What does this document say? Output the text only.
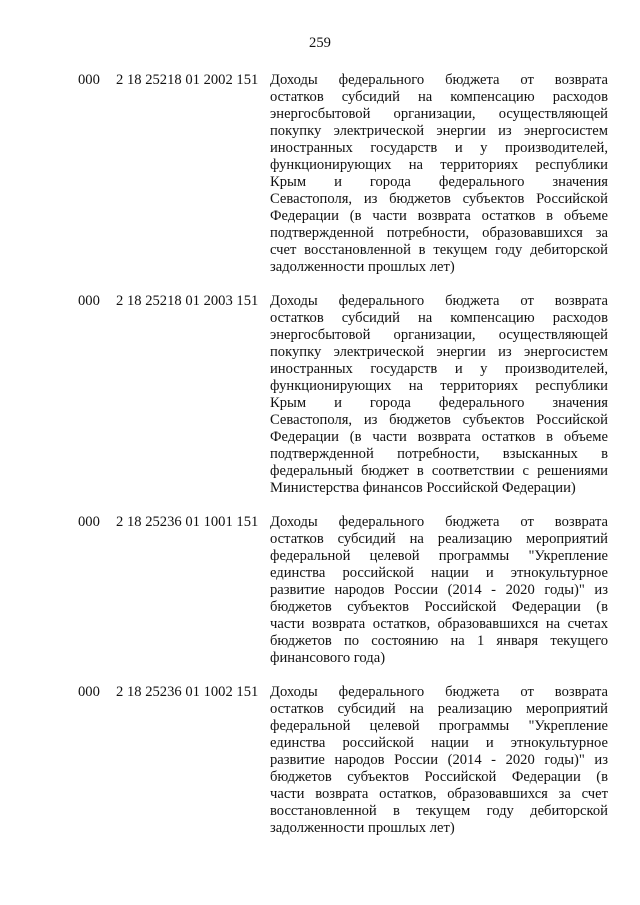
259
000 2 18 25218 01 2002 151 Доходы федерального бюджета от возврата
остатков субсидий на компенсацию расходов
энергосбытовой организации, осуществляющей
покупку электрической энергии из энергосистем
иностранных государств и у производителей,
функционирующих на территориях республики
Крым и города федерального значения
Севастополя, из бюджетов субъектов Российской
Федерации (в части возврата остатков в объеме
подтвержденной потребности, образовавшихся за
счет восстановленной в текущем году дебиторской
задолженности прошлых лет)
000 2 18 25218 01 2003 151 Доходы федерального бюджета от возврата
остатков субсидий на компенсацию расходов
энергосбытовой организации, осуществляющей
покупку электрической энергии из энергосистем
иностранных государств и у производителей,
функционирующих на территориях республики
Крым и города федерального значения
Севастополя, из бюджетов субъектов Российской
Федерации (в части возврата остатков в объеме
подтвержденной потребности, взысканных в
федеральный бюджет в соответствии с решениями
Министерства финансов Российской Федерации)
000 2 18 25236 01 1001 151 Доходы федерального бюджета от возврата
остатков субсидий на реализацию мероприятий
федеральной целевой программы "Укрепление
единства российской нации и этнокультурное
развитие народов России (2014 - 2020 годы)" из
бюджетов субъектов Российской Федерации (в
части возврата остатков, образовавшихся на счетах
бюджетов по состоянию на 1 января текущего
финансового года)
000 2 18 25236 01 1002 151 Доходы федерального бюджета от возврата
остатков субсидий на реализацию мероприятий
федеральной целевой программы "Укрепление
единства российской нации и этнокультурное
развитие народов России (2014 - 2020 годы)" из
бюджетов субъектов Российской Федерации (в
части возврата остатков, образовавшихся за счет
восстановленной в текущем году дебиторской
задолженности прошлых лет)
